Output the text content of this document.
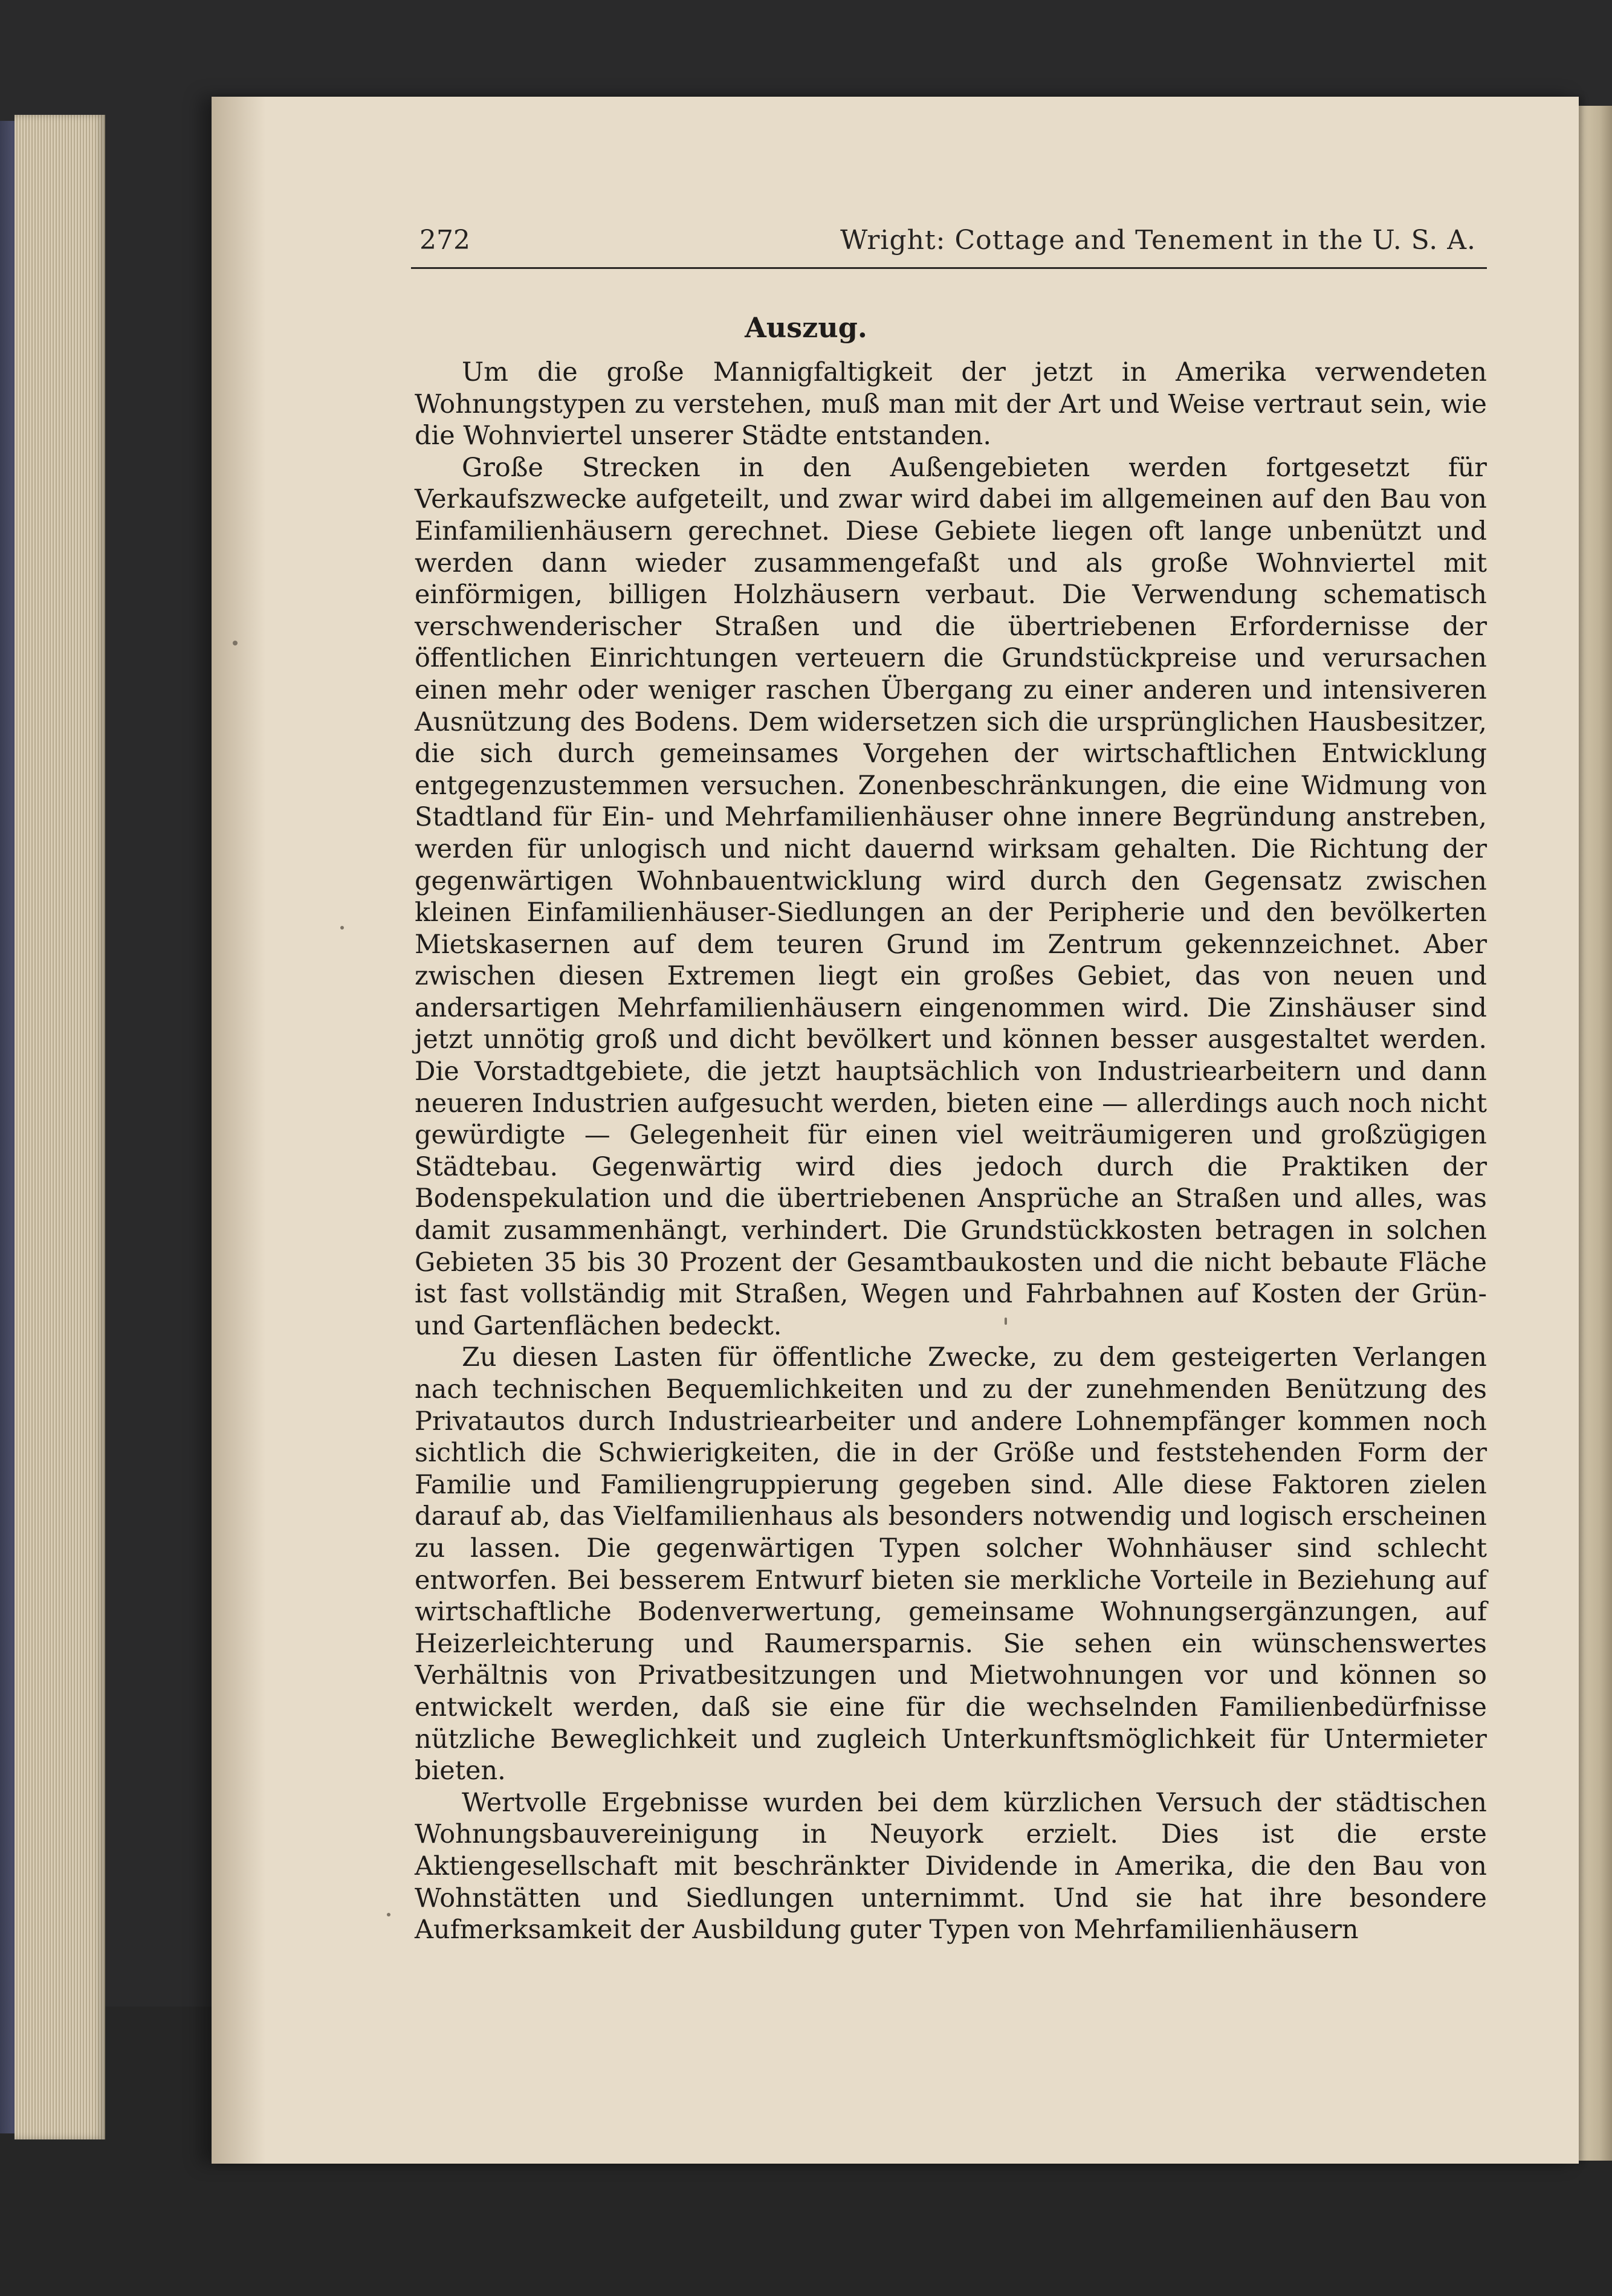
272	Wright: Cottage and Tenement in the U. S. A.
Auszug.

Um die große Mannigfaltigkeit der jetzt in Amerika verwendeten Wohnungstypen zu verstehen, muß man mit der Art und Weise vertraut sein, wie die Wohnviertel unserer Städte entstanden.

Große Strecken in den Außengebieten werden fortgesetzt für Verkaufszwecke aufgeteilt, und zwar wird dabei im allgemeinen auf den Bau von Einfamilienhäusern gerechnet. Diese Gebiete liegen oft lange unbenützt und werden dann wieder zusammengefaßt und als große Wohnviertel mit einförmigen, billigen Holzhäusern verbaut. Die Verwendung schematisch verschwenderischer Straßen und die übertriebenen Erfordernisse der öffentlichen Einrichtungen verteuern die Grundstückpreise und verursachen einen mehr oder weniger raschen Übergang zu einer anderen und intensiveren Ausnützung des Bodens. Dem widersetzen sich die ursprünglichen Hausbesitzer, die sich durch gemeinsames Vorgehen der wirtschaftlichen Entwicklung entgegenzustemmen versuchen. Zonenbeschränkungen, die eine Widmung von Stadtland für Ein- und Mehrfamilienhäuser ohne innere Begründung anstreben, werden für unlogisch und nicht dauernd wirksam gehalten. Die Richtung der gegenwärtigen Wohnbauentwicklung wird durch den Gegensatz zwischen kleinen Einfamilienhäuser-Siedlungen an der Peripherie und den bevölkerten Mietskasernen auf dem teuren Grund im Zentrum gekennzeichnet. Aber zwischen diesen Extremen liegt ein großes Gebiet, das von neuen und andersartigen Mehrfamilienhäusern eingenommen wird. Die Zinshäuser sind jetzt unnötig groß und dicht bevölkert und können besser ausgestaltet werden. Die Vorstadtgebiete, die jetzt hauptsächlich von Industriearbeitern und dann neueren Industrien aufgesucht werden, bieten eine — allerdings auch noch nicht gewürdigte — Gelegenheit für einen viel weiträumigeren und großzügigen Städtebau. Gegenwärtig wird dies jedoch durch die Praktiken der Bodenspekulation und die übertriebenen Ansprüche an Straßen und alles, was damit zusammenhängt, verhindert. Die Grundstückkosten betragen in solchen Gebieten 35 bis 30 Prozent der Gesamtbaukosten und die nicht bebaute Fläche ist fast vollständig mit Straßen, Wegen und Fahrbahnen auf Kosten der Grün- und Gartenflächen bedeckt.

Zu diesen Lasten für öffentliche Zwecke, zu dem gesteigerten Verlangen nach technischen Bequemlichkeiten und zu der zunehmenden Benützung des Privatautos durch Industriearbeiter und andere Lohnempfänger kommen noch sichtlich die Schwierigkeiten, die in der Größe und feststehenden Form der Familie und Familiengruppierung gegeben sind. Alle diese Faktoren zielen darauf ab, das Vielfamilienhaus als besonders notwendig und logisch erscheinen zu lassen. Die gegenwärtigen Typen solcher Wohnhäuser sind schlecht entworfen. Bei besserem Entwurf bieten sie merkliche Vorteile in Beziehung auf wirtschaftliche Bodenverwertung, gemeinsame Wohnungsergänzungen, auf Heizerleichterung und Raumersparnis. Sie sehen ein wünschenswertes Verhältnis von Privatbesitzungen und Mietwohnungen vor und können so entwickelt werden, daß sie eine für die wechselnden Familienbedürfnisse nützliche Beweglichkeit und zugleich Unterkunftsmöglichkeit für Untermieter bieten.

Wertvolle Ergebnisse wurden bei dem kürzlichen Versuch der städtischen Wohnungsbauvereinigung in Neuyork erzielt. Dies ist die erste Aktiengesellschaft mit beschränkter Dividende in Amerika, die den Bau von Wohnstätten und Siedlungen unternimmt. Und sie hat ihre besondere Aufmerksamkeit der Ausbildung guter Typen von Mehrfamilienhäusern
